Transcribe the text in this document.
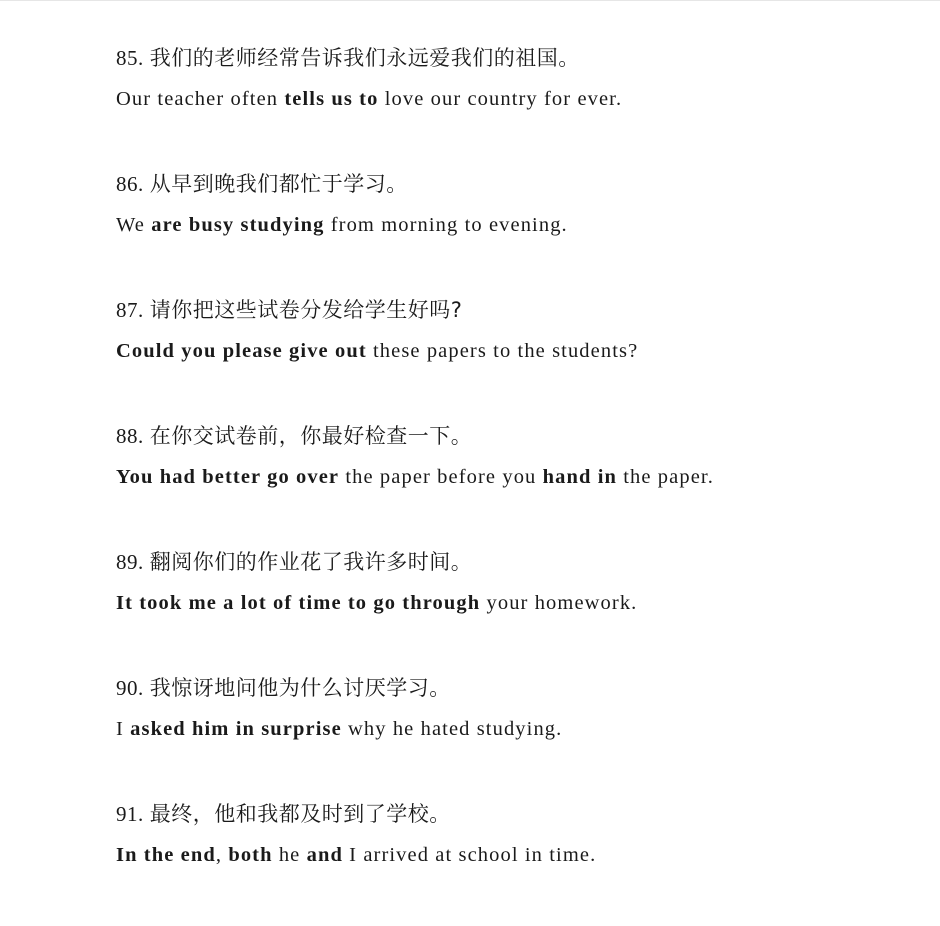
85. 我们的老师经常告诉我们永远爱我们的祖国。
Our teacher often tells us to love our country for ever.
86. 从早到晚我们都忙于学习。
We are busy studying from morning to evening.
87. 请你把这些试卷分发给学生好吗?
Could you please give out these papers to the students?
88. 在你交试卷前，你最好检查一下。
You had better go over the paper before you hand in the paper.
89. 翻阅你们的作业花了我许多时间。
It took me a lot of time to go through your homework.
90. 我惊讶地问他为什么讨厌学习。
I asked him in surprise why he hated studying.
91. 最终，他和我都及时到了学校。
In the end, both he and I arrived at school in time.
